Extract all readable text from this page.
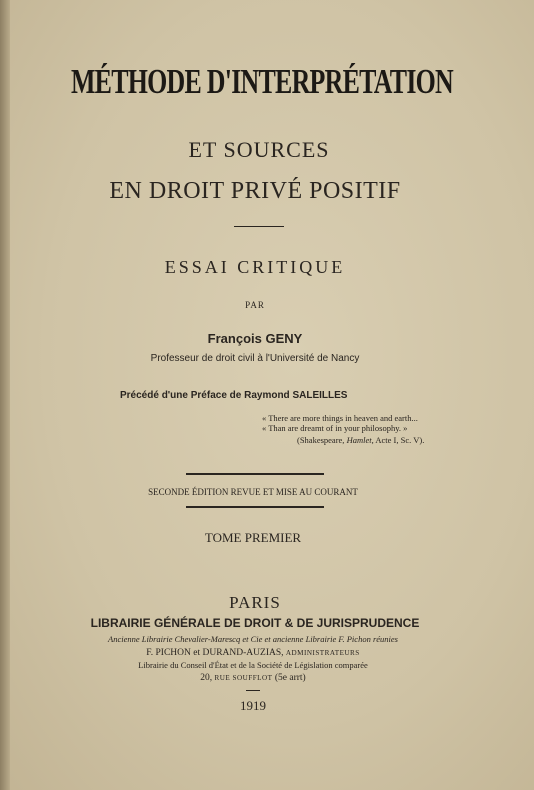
MÉTHODE D'INTERPRÉTATION
ET SOURCES
EN DROIT PRIVÉ POSITIF
ESSAI CRITIQUE
PAR
François GENY
Professeur de droit civil à l'Université de Nancy
Précédé d'une Préface de Raymond SALEILLES
« There are more things in heaven and earth...
« Than are dreamt of in your philosophy. »
(Shakespeare, Hamlet, Acte I, Sc. V).
SECONDE ÉDITION REVUE ET MISE AU COURANT
TOME PREMIER
PARIS
LIBRAIRIE GÉNÉRALE DE DROIT & DE JURISPRUDENCE
Ancienne Librairie Chevalier-Marescq et Cie et ancienne Librairie F. Pichon réunies
F. PICHON et DURAND-AUZIAS, ADMINISTRATEURS
Librairie du Conseil d'État et de la Société de Législation comparée
20, RUE SOUFFLOT (5e arrt)
1919
